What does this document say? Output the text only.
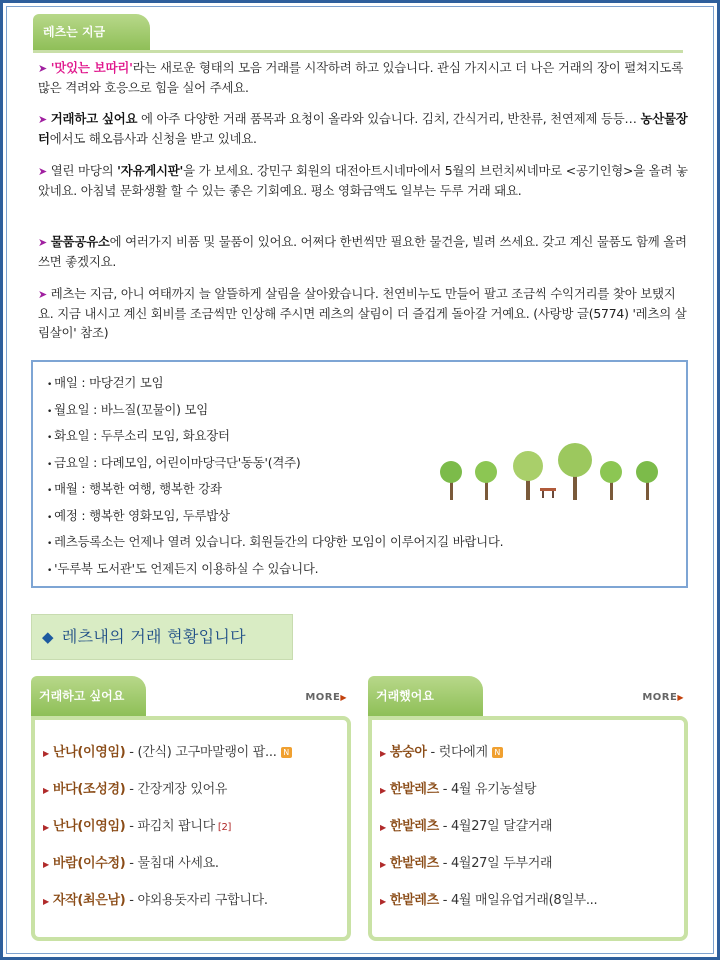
레츠는 지금
➤ '맛있는 보따리'라는 새로운 형태의 모음 거래를 시작하려 하고 있습니다. 관심 가지시고 더 나은 거래의 장이 펼쳐지도록 많은 격려와 호응으로 힘을 실어 주세요.
➤ 거래하고 싶어요 에 아주 다양한 거래 품목과 요청이 올라와 있습니다. 김치, 간식거리, 반찬류, 천연제제 등등… 농산물장터에서도 해오름사과 신청을 받고 있네요.
➤ 열린 마당의 '자유게시판'을 가 보세요. 강민구 회원의 대전아트시네마에서 5월의 브런치씨네마로 <공기인형>을 올려 놓았네요. 아침녘 문화생활 할 수 있는 좋은 기회예요. 평소 영화금액도 일부는 두루 거래 돼요.
➤ 물품공유소에 여러가지 비품 및 물품이 있어요. 어쩌다 한번씩만 필요한 물건을, 빌려 쓰세요. 갖고 계신 물품도 함께 올려쓰면 좋겠지요.
➤ 레츠는 지금, 아니 여태까지 늘 알뜰하게 살림을 살아왔습니다. 천연비누도 만들어 팔고 조금씩 수익거리를 찾아 보탰지요. 지금 내시고 계신 회비를 조금씩만 인상해 주시면 레츠의 살림이 더 즐겁게 돌아갈 거예요. (사랑방 글(5774) '레츠의 살림살이' 참조)
• 매일 : 마당걷기 모임
• 월요일 : 바느질(꼬물이) 모임
• 화요일 : 두루소리 모임, 화요장터
• 금요일 : 다례모임, 어린이마당극단'동동'(격주)
• 매월 : 행복한 여행, 행복한 강좌
• 예정 : 행복한 영화모임, 두루밥상
• 레츠등록소는 언제나 열려 있습니다. 회원들간의 다양한 모임이 이루어지길 바랍니다.
• '두루북 도서관'도 언제든지 이용하실 수 있습니다.
◆ 레츠내의 거래 현황입니다
거래하고 싶어요	MORE▶
▶ 난나(이영임) - (간식) 고구마말랭이 팝... N
▶ 바다(조성경) - 간장게장 있어유
▶ 난나(이영임) - 파김치 팝니다 [2]
▶ 바람(이수정) - 물침대 사세요.
▶ 자작(최은남) - 야외용돗자리 구합니다.
거래했어요	MORE▶
▶ 봉숭아 - 럿다에게 N
▶ 한밭레츠 - 4월 유기농설탕
▶ 한밭레츠 - 4월27일 달걀거래
▶ 한밭레츠 - 4월27일 두부거래
▶ 한밭레츠 - 4월 매일유업거래(8일부...
